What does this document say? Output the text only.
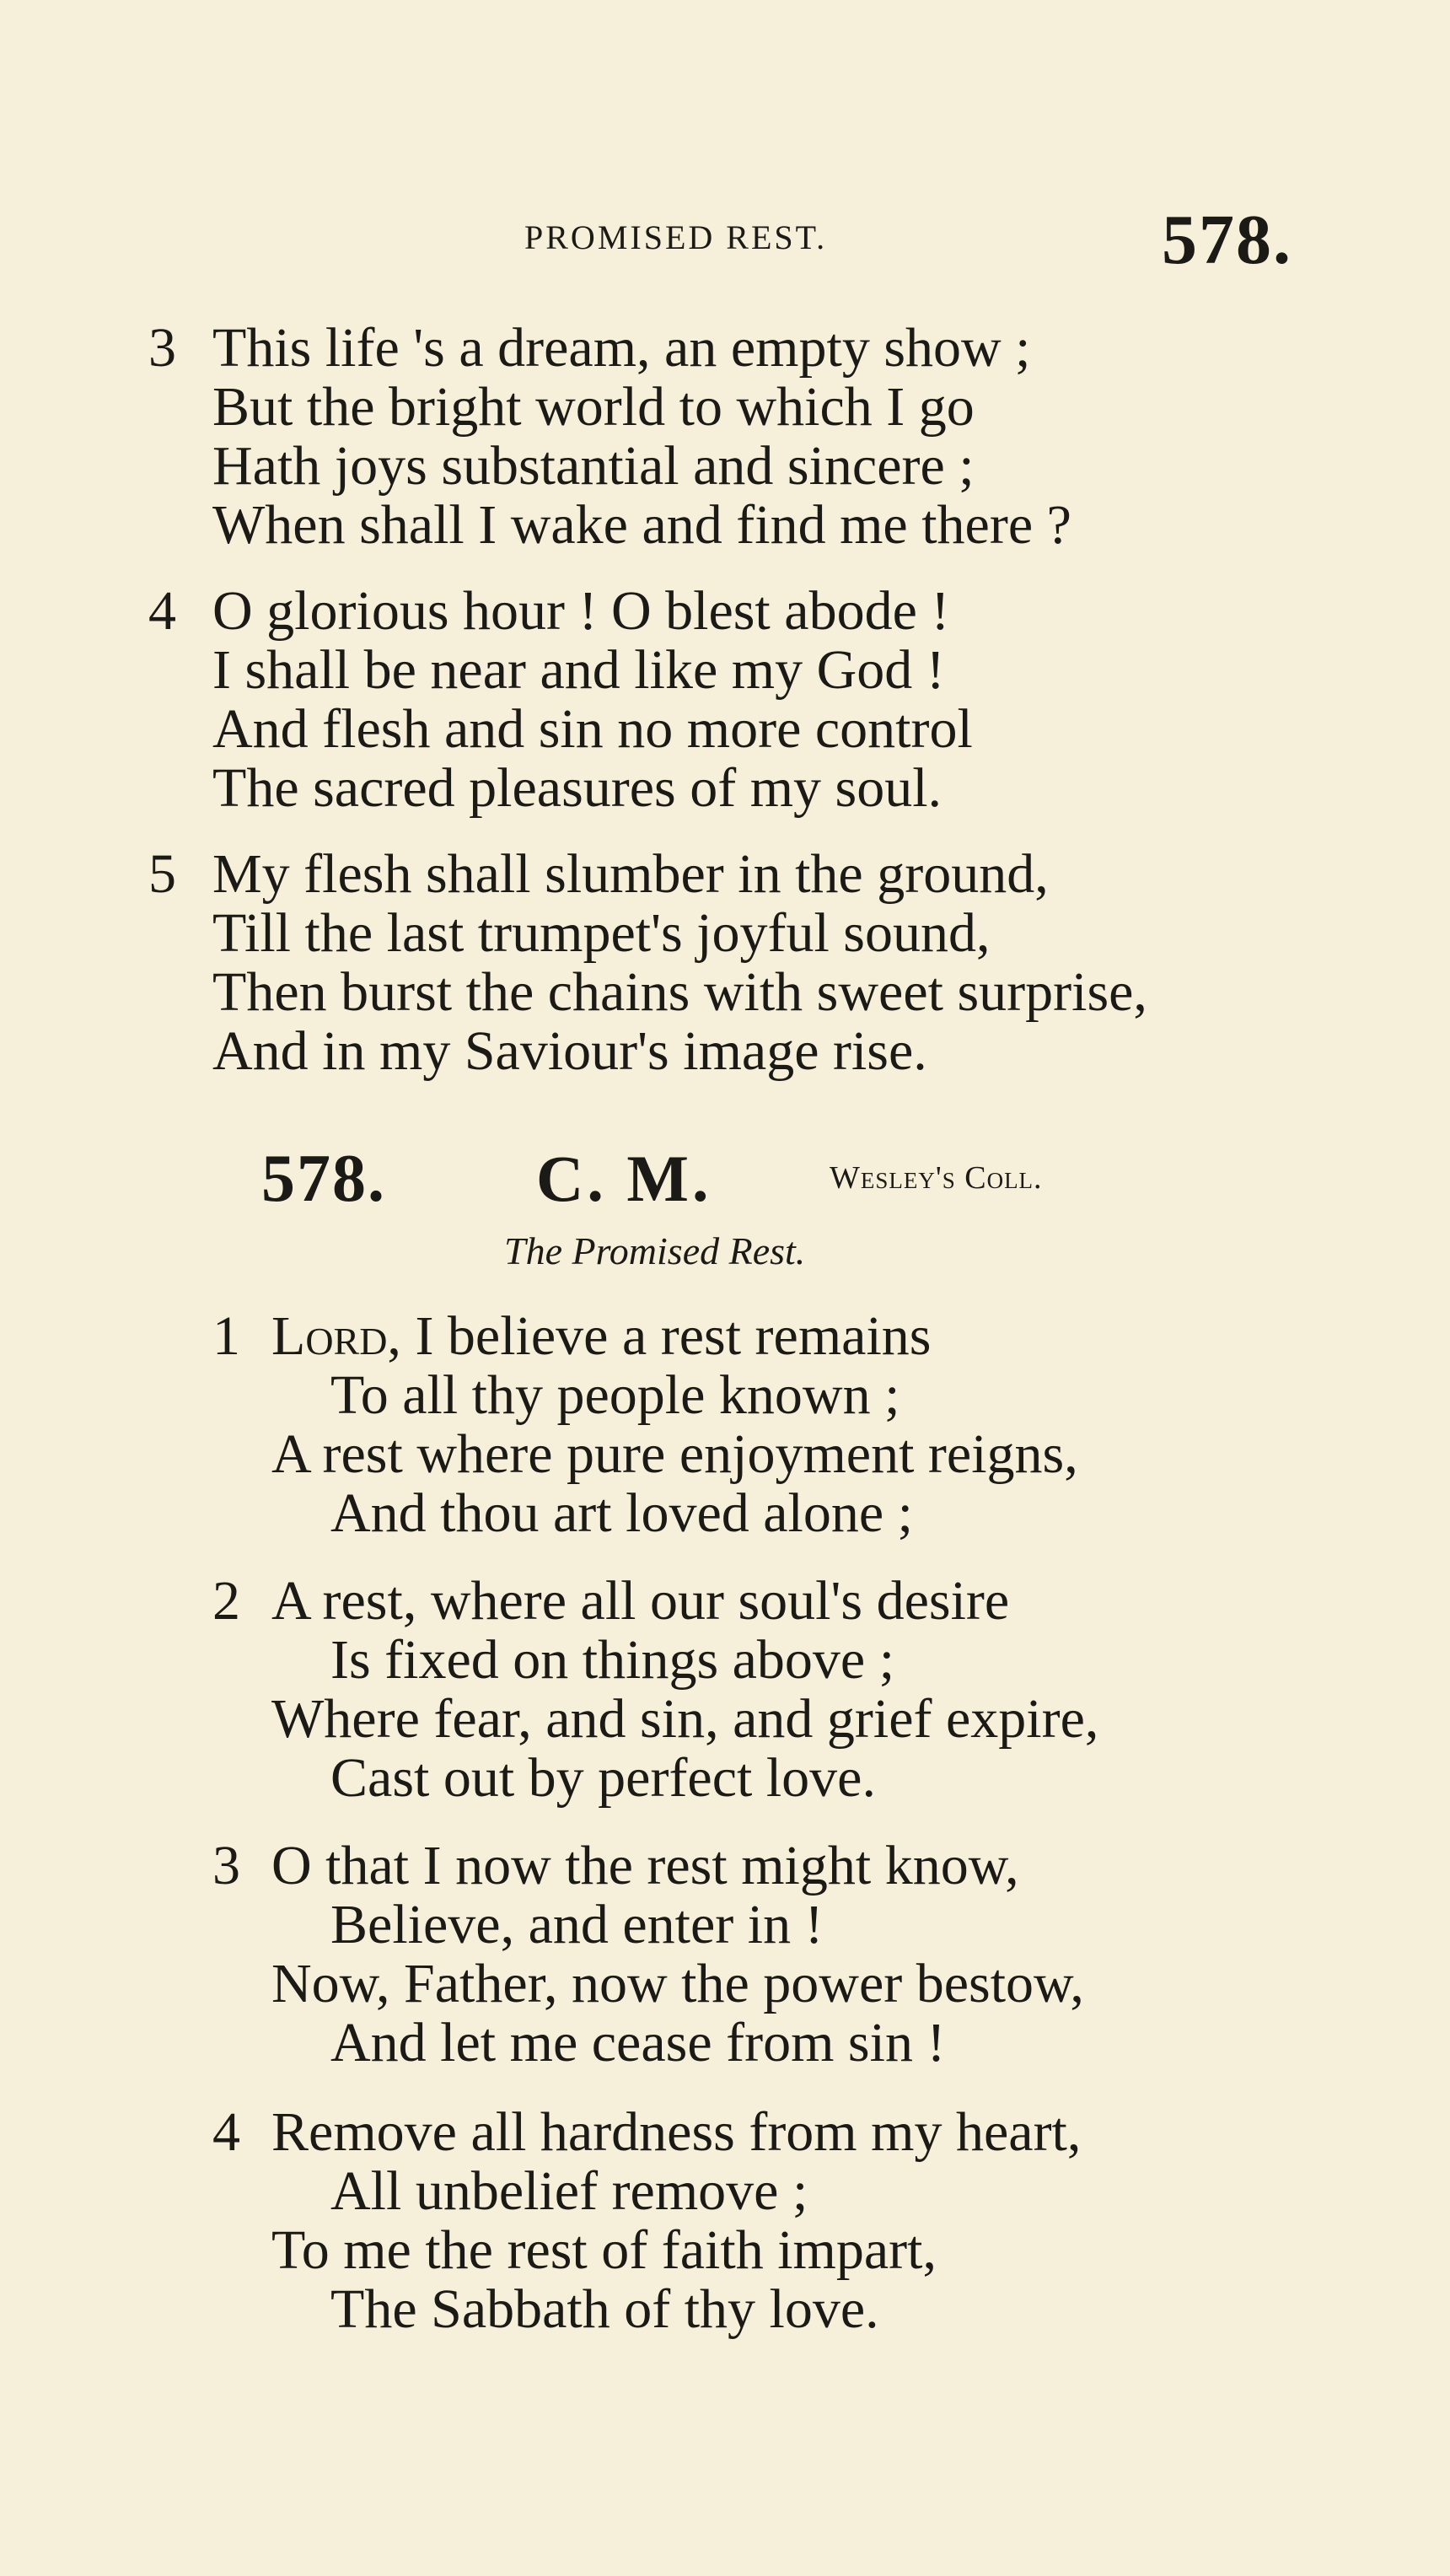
PROMISED REST.	578.
3 This life 's a dream, an empty show ;
But the bright world to which I go
Hath joys substantial and sincere ;
When shall I wake and find me there ?
4 O glorious hour ! O blest abode !
I shall be near and like my God !
And flesh and sin no more control
The sacred pleasures of my soul.
5 My flesh shall slumber in the ground,
Till the last trumpet's joyful sound,
Then burst the chains with sweet surprise,
And in my Saviour's image rise.
578. C. M.	Wesley's Coll.
The Promised Rest.
1 Lord, I believe a rest remains
To all thy people known ;
A rest where pure enjoyment reigns,
And thou art loved alone ;
2 A rest, where all our soul's desire
Is fixed on things above ;
Where fear, and sin, and grief expire,
Cast out by perfect love.
3 O that I now the rest might know,
Believe, and enter in !
Now, Father, now the power bestow,
And let me cease from sin !
4 Remove all hardness from my heart,
All unbelief remove ;
To me the rest of faith impart,
The Sabbath of thy love.
